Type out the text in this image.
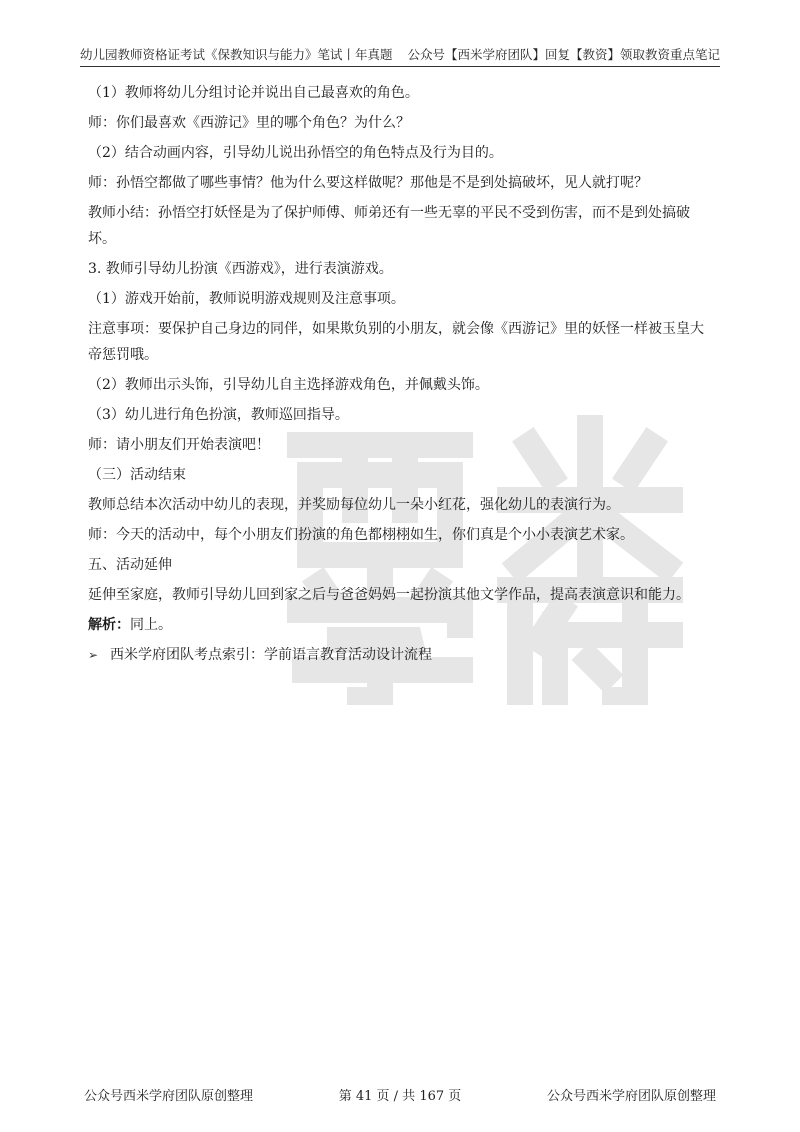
幼儿园教师资格证考试《保教知识与能力》笔试丨年真题 公众号【西米学府团队】回复【教资】领取教资重点笔记

（1）教师将幼儿分组讨论并说出自己最喜欢的角色。

师：你们最喜欢《西游记》里的哪个角色？为什么？

（2）结合动画内容，引导幼儿说出孙悟空的角色特点及行为目的。

师：孙悟空都做了哪些事情？他为什么要这样做呢？那他是不是到处搞破坏，见人就打呢？

教师小结：孙悟空打妖怪是为了保护师傅、师弟还有一些无辜的平民不受到伤害，而不是到处搞破坏。

3. 教师引导幼儿扮演《西游戏》，进行表演游戏。

（1）游戏开始前，教师说明游戏规则及注意事项。

注意事项：要保护自己身边的同伴，如果欺负别的小朋友，就会像《西游记》里的妖怪一样被玉皇大帝惩罚哦。

（2）教师出示头饰，引导幼儿自主选择游戏角色，并佩戴头饰。

（3）幼儿进行角色扮演，教师巡回指导。

师：请小朋友们开始表演吧！

（三）活动结束

教师总结本次活动中幼儿的表现，并奖励每位幼儿一朵小红花，强化幼儿的表演行为。

师：今天的活动中，每个小朋友们扮演的角色都栩栩如生，你们真是个小小表演艺术家。

五、活动延伸

延伸至家庭，教师引导幼儿回到家之后与爸爸妈妈一起扮演其他文学作品，提高表演意识和能力。

解析：同上。

➢ 西米学府团队考点索引：学前语言教育活动设计流程

公众号西米学府团队原创整理	第 41 页 / 共 167 页	公众号西米学府团队原创整理
